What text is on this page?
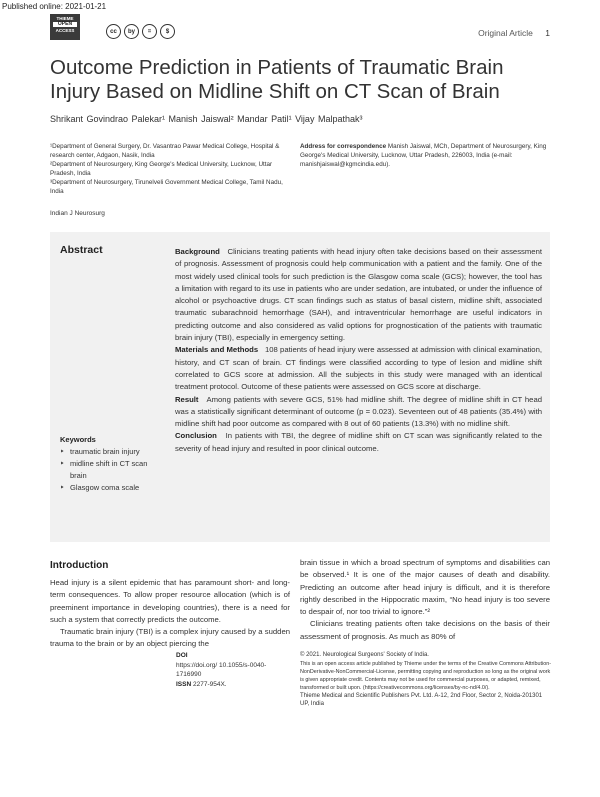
Published online: 2021-01-21
THIEME
OPEN
ACCESS	cc	by	=	$	Original Article 1
Outcome Prediction in Patients of Traumatic Brain Injury Based on Midline Shift on CT Scan of Brain
Shrikant Govindrao Palekar¹ Manish Jaiswal² Mandar Patil¹ Vijay Malpathak³

¹Department of General Surgery, Dr. Vasantrao Pawar Medical College, Hospital & research center, Adgaon, Nasik, India

²Department of Neurosurgery, King George's Medical University, Lucknow, Uttar Pradesh, India

³Department of Neurosurgery, Tirunelveli Government Medical College, Tamil Nadu, India

Address for correspondence Manish Jaiswal, MCh, Department of Neurosurgery, King George's Medical University, Lucknow, Uttar Pradesh, 226003, India (e-mail: manishjaiswal@kgmcindia.edu).
Indian J Neurosurg
Abstract	Background Clinicians treating patients with head injury often take decisions based on their assessment of prognosis. Assessment of prognosis could help communication with a patient and the family. One of the most widely used clinical tools for such prediction is the Glasgow coma scale (GCS); however, the tool has a limitation with regard to its use in patients who are under sedation, are intubated, or under the influence of alcohol or psychoactive drugs. CT scan findings such as status of basal cistern, midline shift, associated traumatic subarachnoid hemorrhage (SAH), and intraventricular hemorrhage are useful indicators in predicting outcome and also considered as valid options for prognostication of the patients with traumatic brain injury (TBI), especially in emergency setting.

Materials and Methods 108 patients of head injury were assessed at admission with clinical examination, history, and CT scan of brain. CT findings were classified according to type of lesion and midline shift correlated to GCS score at admission. All the subjects in this study were managed with an identical treatment protocol. Outcome of these patients were assessed on GCS score at discharge.

Result Among patients with severe GCS, 51% had midline shift. The degree of midline shift in CT head was a statistically significant determinant of outcome (p = 0.023). Seventeen out of 48 patients (35.4%) with midline shift had poor outcome as compared with 8 out of 60 patients (13.3%) with no midline shift.

Conclusion In patients with TBI, the degree of midline shift on CT scan was significantly related to the severity of head injury and resulted in poor clinical outcome.

Keywords
‣ traumatic brain injury
‣ midline shift in CT scan brain
‣ Glasgow coma scale
Introduction

Head injury is a silent epidemic that has paramount short- and long-term consequences. To allow proper resource allocation (which is of preeminent importance in developing countries), there is a need for such a system that correctly predicts the outcome.

Traumatic brain injury (TBI) is a complex injury caused by a sudden trauma to the brain or by an object piercing the

brain tissue in which a broad spectrum of symptoms and disabilities can be observed.¹ It is one of the major causes of death and disability. Predicting an outcome after head injury is difficult, and it is therefore rightly described in the Hippocratic maxim, “No head injury is too severe to despair of, nor too trivial to ignore.”²

Clinicians treating patients often take decisions on the basis of their assessment of prognosis. As much as 80% of

DOI
https://doi.org/ 10.1055/s-0040-1716990
ISSN 2277-954X.

© 2021. Neurological Surgeons' Society of India.

This is an open access article published by Thieme under the terms of the Creative Commons Attribution-NonDerivative-NonCommercial-License, permitting copying and reproduction so long as the original work is given appropriate credit. Contents may not be used for commercial purposes, or adapted, remixed, transformed or built upon. (https://creativecommons.org/licenses/by-nc-nd/4.0/).

Thieme Medical and Scientific Publishers Pvt. Ltd. A-12, 2nd Floor, Sector 2, Noida-201301 UP, India
